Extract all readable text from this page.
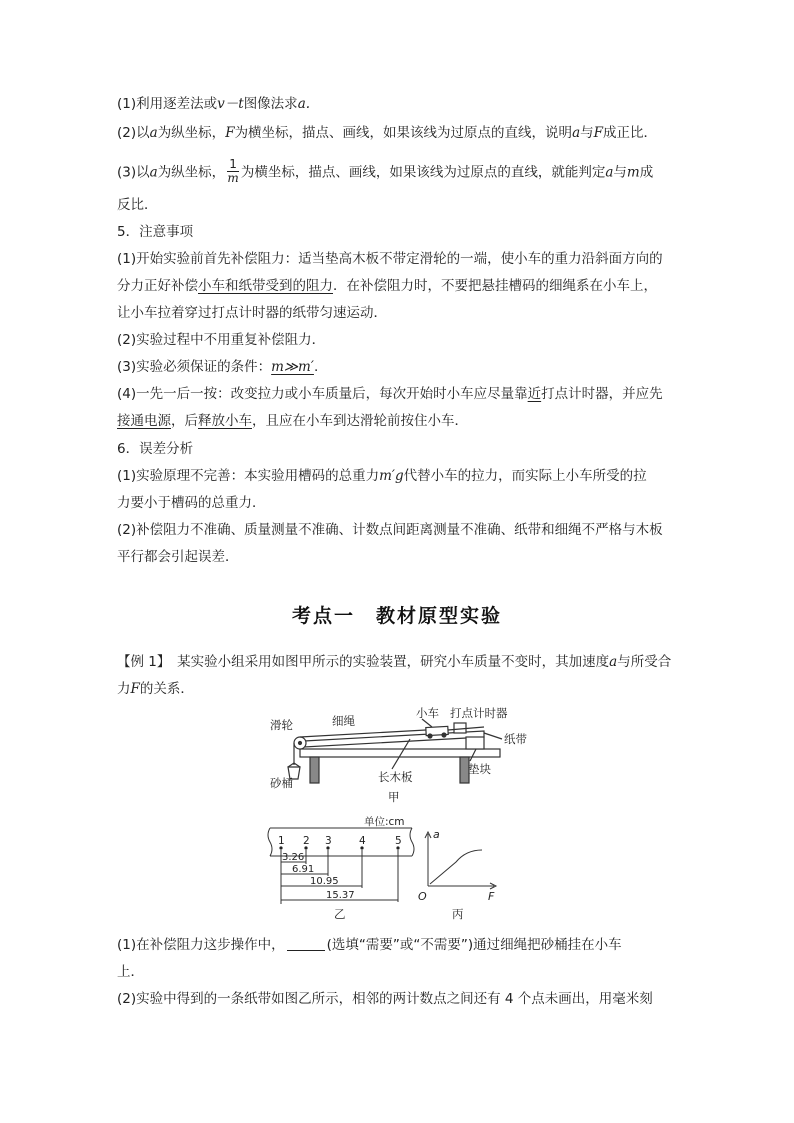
(1)利用逐差法或v－t图像法求a.
(2)以a为纵坐标，F为横坐标，描点、画线，如果该线为过原点的直线，说明a与F成正比．
(3)以a为纵坐标， $\frac{1}{m}$ 为横坐标，描点、画线，如果该线为过原点的直线，就能判定a与m成
反比．
5．注意事项
(1)开始实验前首先补偿阻力：适当垫高木板不带定滑轮的一端，使小车的重力沿斜面方向的
分力正好补偿小车和纸带受到的阻力．在补偿阻力时，不要把悬挂槽码的细绳系在小车上，
让小车拉着穿过打点计时器的纸带匀速运动．
(2)实验过程中不用重复补偿阻力．
(3)实验必须保证的条件：m≫m′.
(4)一先一后一按：改变拉力或小车质量后，每次开始时小车应尽量靠近打点计时器，并应先
接通电源，后释放小车，且应在小车到达滑轮前按住小车．
6．误差分析
(1)实验原理不完善：本实验用槽码的总重力m′g代替小车的拉力，而实际上小车所受的拉
力要小于槽码的总重力．
(2)补偿阻力不准确、质量测量不准确、计数点间距离测量不准确、纸带和细绳不严格与木板
平行都会引起误差．
考点一　教材原型实验
【例 1】　某实验小组采用如图甲所示的实验装置，研究小车质量不变时，其加速度a与所受合
力F的关系．
滑轮	细绳
小车 打点计时器
纸带
砂桶	长木板
垫块
甲
单位:cm
1 2 3	4	5
3.26
6.91
10.95
15.37
乙
a
F
O
丙
(1)在补偿阻力这步操作中，	(选填“需要”或“不需要”)通过细绳把砂桶挂在小车
上．
(2)实验中得到的一条纸带如图乙所示，相邻的两计数点之间还有 4 个点未画出，用毫米刻
